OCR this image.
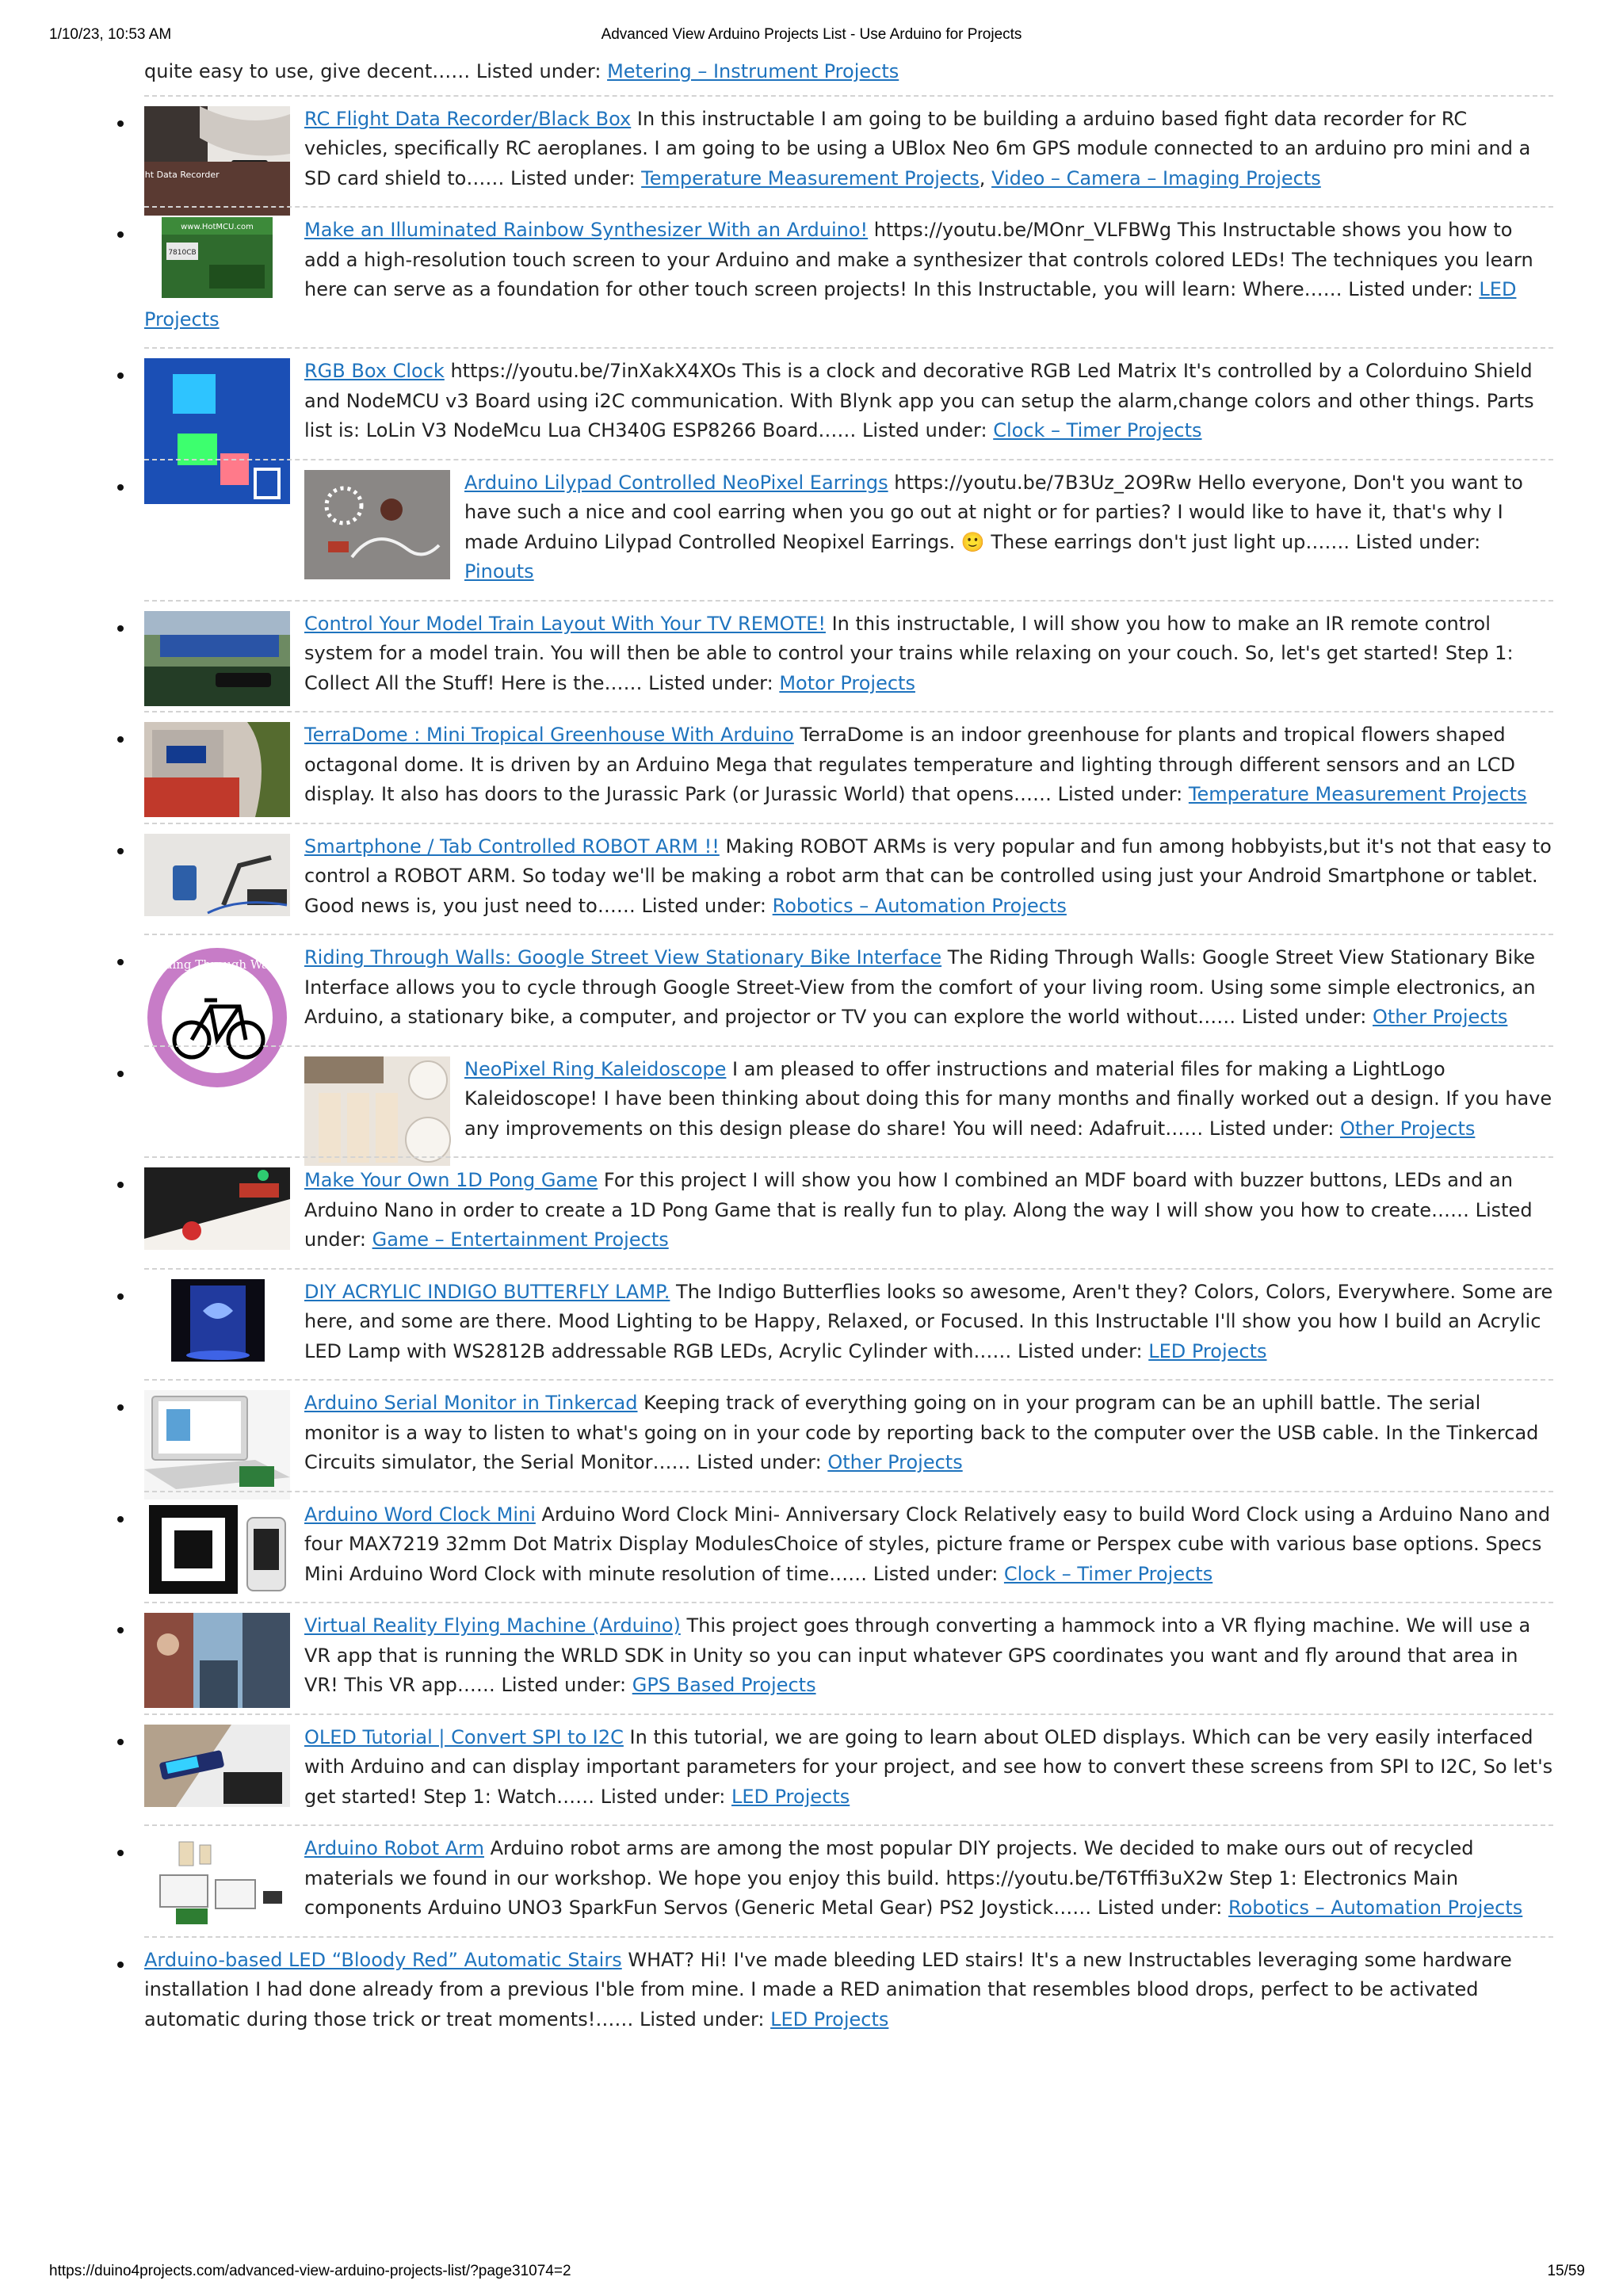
1/10/23, 10:53 AM	Advanced View Arduino Projects List - Use Arduino for Projects
quite easy to use, give decent…… Listed under: Metering – Instrument Projects
Flight Data Recorder
RC Flight Data Recorder/Black Box In this instructable I am going to be building a arduino based fight data recorder for RC vehicles, specifically RC aeroplanes. I am going to be using a UBlox Neo 6m GPS module connected to an arduino pro mini and a SD card shield to…… Listed under: Temperature Measurement Projects, Video – Camera – Imaging Projects
www.HotMCU.com
7810CB
Make an Illuminated Rainbow Synthesizer With an Arduino! https://youtu.be/MOnr_VLFBWg This Instructable shows you how to add a high-resolution touch screen to your Arduino and make a synthesizer that controls colored LEDs! The techniques you learn here can serve as a foundation for other touch screen projects! In this Instructable, you will learn: Where…… Listed under: LED Projects
RGB Box Clock https://youtu.be/7inXakX4XOs This is a clock and decorative RGB Led Matrix It's controlled by a Colorduino Shield and NodeMCU v3 Board using i2C communication. With Blynk app you can setup the alarm,change colors and other things. Parts list is: LoLin V3 NodeMcu Lua CH340G ESP8266 Board…… Listed under: Clock – Timer Projects
Arduino Lilypad Controlled NeoPixel Earrings https://youtu.be/7B3Uz_2O9Rw Hello everyone, Don't you want to have such a nice and cool earring when you go out at night or for parties? I would like to have it, that's why I made Arduino Lilypad Controlled Neopixel Earrings. 🙂 These earrings don't just light up……. Listed under: Pinouts
Control Your Model Train Layout With Your TV REMOTE! In this instructable, I will show you how to make an IR remote control system for a model train. You will then be able to control your trains while relaxing on your couch. So, let's get started! Step 1: Collect All the Stuff! Here is the…… Listed under: Motor Projects
TerraDome : Mini Tropical Greenhouse With Arduino TerraDome is an indoor greenhouse for plants and tropical flowers shaped octagonal dome. It is driven by an Arduino Mega that regulates temperature and lighting through different sensors and an LCD display. It also has doors to the Jurassic Park (or Jurassic World) that opens…… Listed under: Temperature Measurement Projects
Smartphone / Tab Controlled ROBOT ARM !! Making ROBOT ARMs is very popular and fun among hobbyists,but it's not that easy to control a ROBOT ARM. So today we'll be making a robot arm that can be controlled using just your Android Smartphone or tablet. Good news is, you just need to…… Listed under: Robotics – Automation Projects
Riding Through Walls	Riding Through Walls: Google Street View Stationary Bike Interface The Riding Through Walls: Google Street View Stationary Bike Interface allows you to cycle through Google Street-View from the comfort of your living room. Using some simple electronics, an Arduino, a stationary bike, a computer, and projector or TV you can explore the world without…… Listed under: Other Projects
NeoPixel Ring Kaleidoscope I am pleased to offer instructions and material files for making a LightLogo Kaleidoscope! I have been thinking about doing this for many months and finally worked out a design. If you have any improvements on this design please do share! You will need: Adafruit…… Listed under: Other Projects
Make Your Own 1D Pong Game For this project I will show you how I combined an MDF board with buzzer buttons, LEDs and an Arduino Nano in order to create a 1D Pong Game that is really fun to play. Along the way I will show you how to create…… Listed under: Game – Entertainment Projects
DIY ACRYLIC INDIGO BUTTERFLY LAMP. The Indigo Butterflies looks so awesome, Aren't they? Colors, Colors, Everywhere. Some are here, and some are there. Mood Lighting to be Happy, Relaxed, or Focused. In this Instructable I'll show you how I build an Acrylic LED Lamp with WS2812B addressable RGB LEDs, Acrylic Cylinder with…… Listed under: LED Projects
Arduino Serial Monitor in Tinkercad Keeping track of everything going on in your program can be an uphill battle. The serial monitor is a way to listen to what's going on in your code by reporting back to the computer over the USB cable. In the Tinkercad Circuits simulator, the Serial Monitor…… Listed under: Other Projects
Arduino Word Clock Mini Arduino Word Clock Mini- Anniversary Clock Relatively easy to build Word Clock using a Arduino Nano and four MAX7219 32mm Dot Matrix Display ModulesChoice of styles, picture frame or Perspex cube with various base options. Specs Mini Arduino Word Clock with minute resolution of time…… Listed under: Clock – Timer Projects
Virtual Reality Flying Machine (Arduino) This project goes through converting a hammock into a VR flying machine. We will use a VR app that is running the WRLD SDK in Unity so you can input whatever GPS coordinates you want and fly around that area in VR! This VR app…… Listed under: GPS Based Projects
OLED Tutorial | Convert SPI to I2C In this tutorial, we are going to learn about OLED displays. Which can be very easily interfaced with Arduino and can display important parameters for your project, and see how to convert these screens from SPI to I2C, So let's get started! Step 1: Watch…… Listed under: LED Projects
Arduino Robot Arm Arduino robot arms are among the most popular DIY projects. We decided to make ours out of recycled materials we found in our workshop. We hope you enjoy this build. https://youtu.be/T6Tffi3uX2w Step 1: Electronics Main components Arduino UNO3 SparkFun Servos (Generic Metal Gear) PS2 Joystick…… Listed under: Robotics – Automation Projects
Arduino-based LED “Bloody Red” Automatic Stairs WHAT? Hi! I've made bleeding LED stairs! It's a new Instructables leveraging some hardware installation I had done already from a previous I'ble from mine. I made a RED animation that resembles blood drops, perfect to be activated automatic during those trick or treat moments!…… Listed under: LED Projects
https://duino4projects.com/advanced-view-arduino-projects-list/?page31074=2	15/59
